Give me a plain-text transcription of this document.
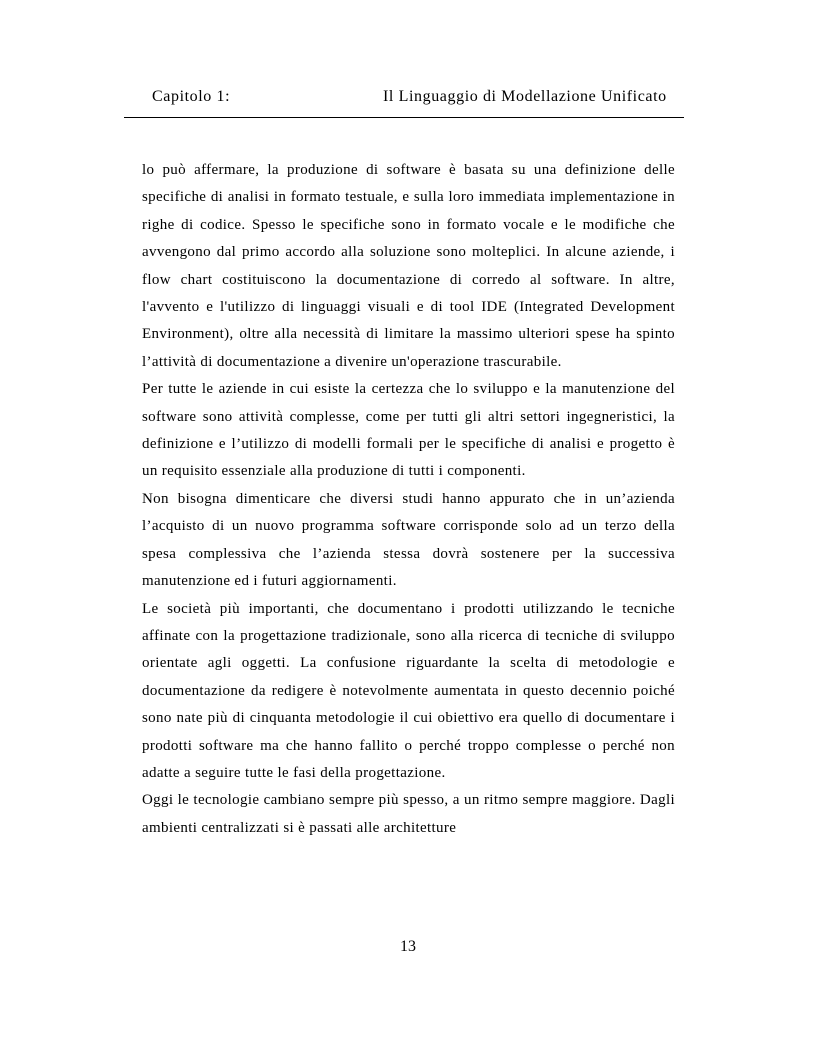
Capitolo 1:	Il Linguaggio di Modellazione Unificato

lo può affermare, la produzione di software è basata su una definizione delle specifiche di analisi in formato testuale, e sulla loro immediata implementazione in righe di codice. Spesso le specifiche sono in formato vocale e le modifiche che avvengono dal primo accordo alla soluzione sono molteplici. In alcune aziende, i flow chart costituiscono la documentazione di corredo al software. In altre, l'avvento e l'utilizzo di linguaggi visuali e di tool IDE (Integrated Development Environment), oltre alla necessità di limitare la massimo ulteriori spese ha spinto l’attività di documentazione a divenire un'operazione trascurabile.

Per tutte le aziende in cui esiste la certezza che lo sviluppo e la manutenzione del software sono attività complesse, come per tutti gli altri settori ingegneristici, la definizione e l’utilizzo di modelli formali per le specifiche di analisi e progetto è un requisito essenziale alla produzione di tutti i componenti.

Non bisogna dimenticare che diversi studi hanno appurato che in un’azienda l’acquisto di un nuovo programma software corrisponde solo ad un terzo della spesa complessiva che l’azienda stessa dovrà sostenere per la successiva manutenzione ed i futuri aggiornamenti.

Le società più importanti, che documentano i prodotti utilizzando le tecniche affinate con la progettazione tradizionale, sono alla ricerca di tecniche di sviluppo orientate agli oggetti. La confusione riguardante la scelta di metodologie e documentazione da redigere è notevolmente aumentata in questo decennio poiché sono nate più di cinquanta metodologie il cui obiettivo era quello di documentare i prodotti software ma che hanno fallito o perché troppo complesse o perché non adatte a seguire tutte le fasi della progettazione.

Oggi le tecnologie cambiano sempre più spesso, a un ritmo sempre maggiore. Dagli ambienti centralizzati si è passati alle architetture

13
